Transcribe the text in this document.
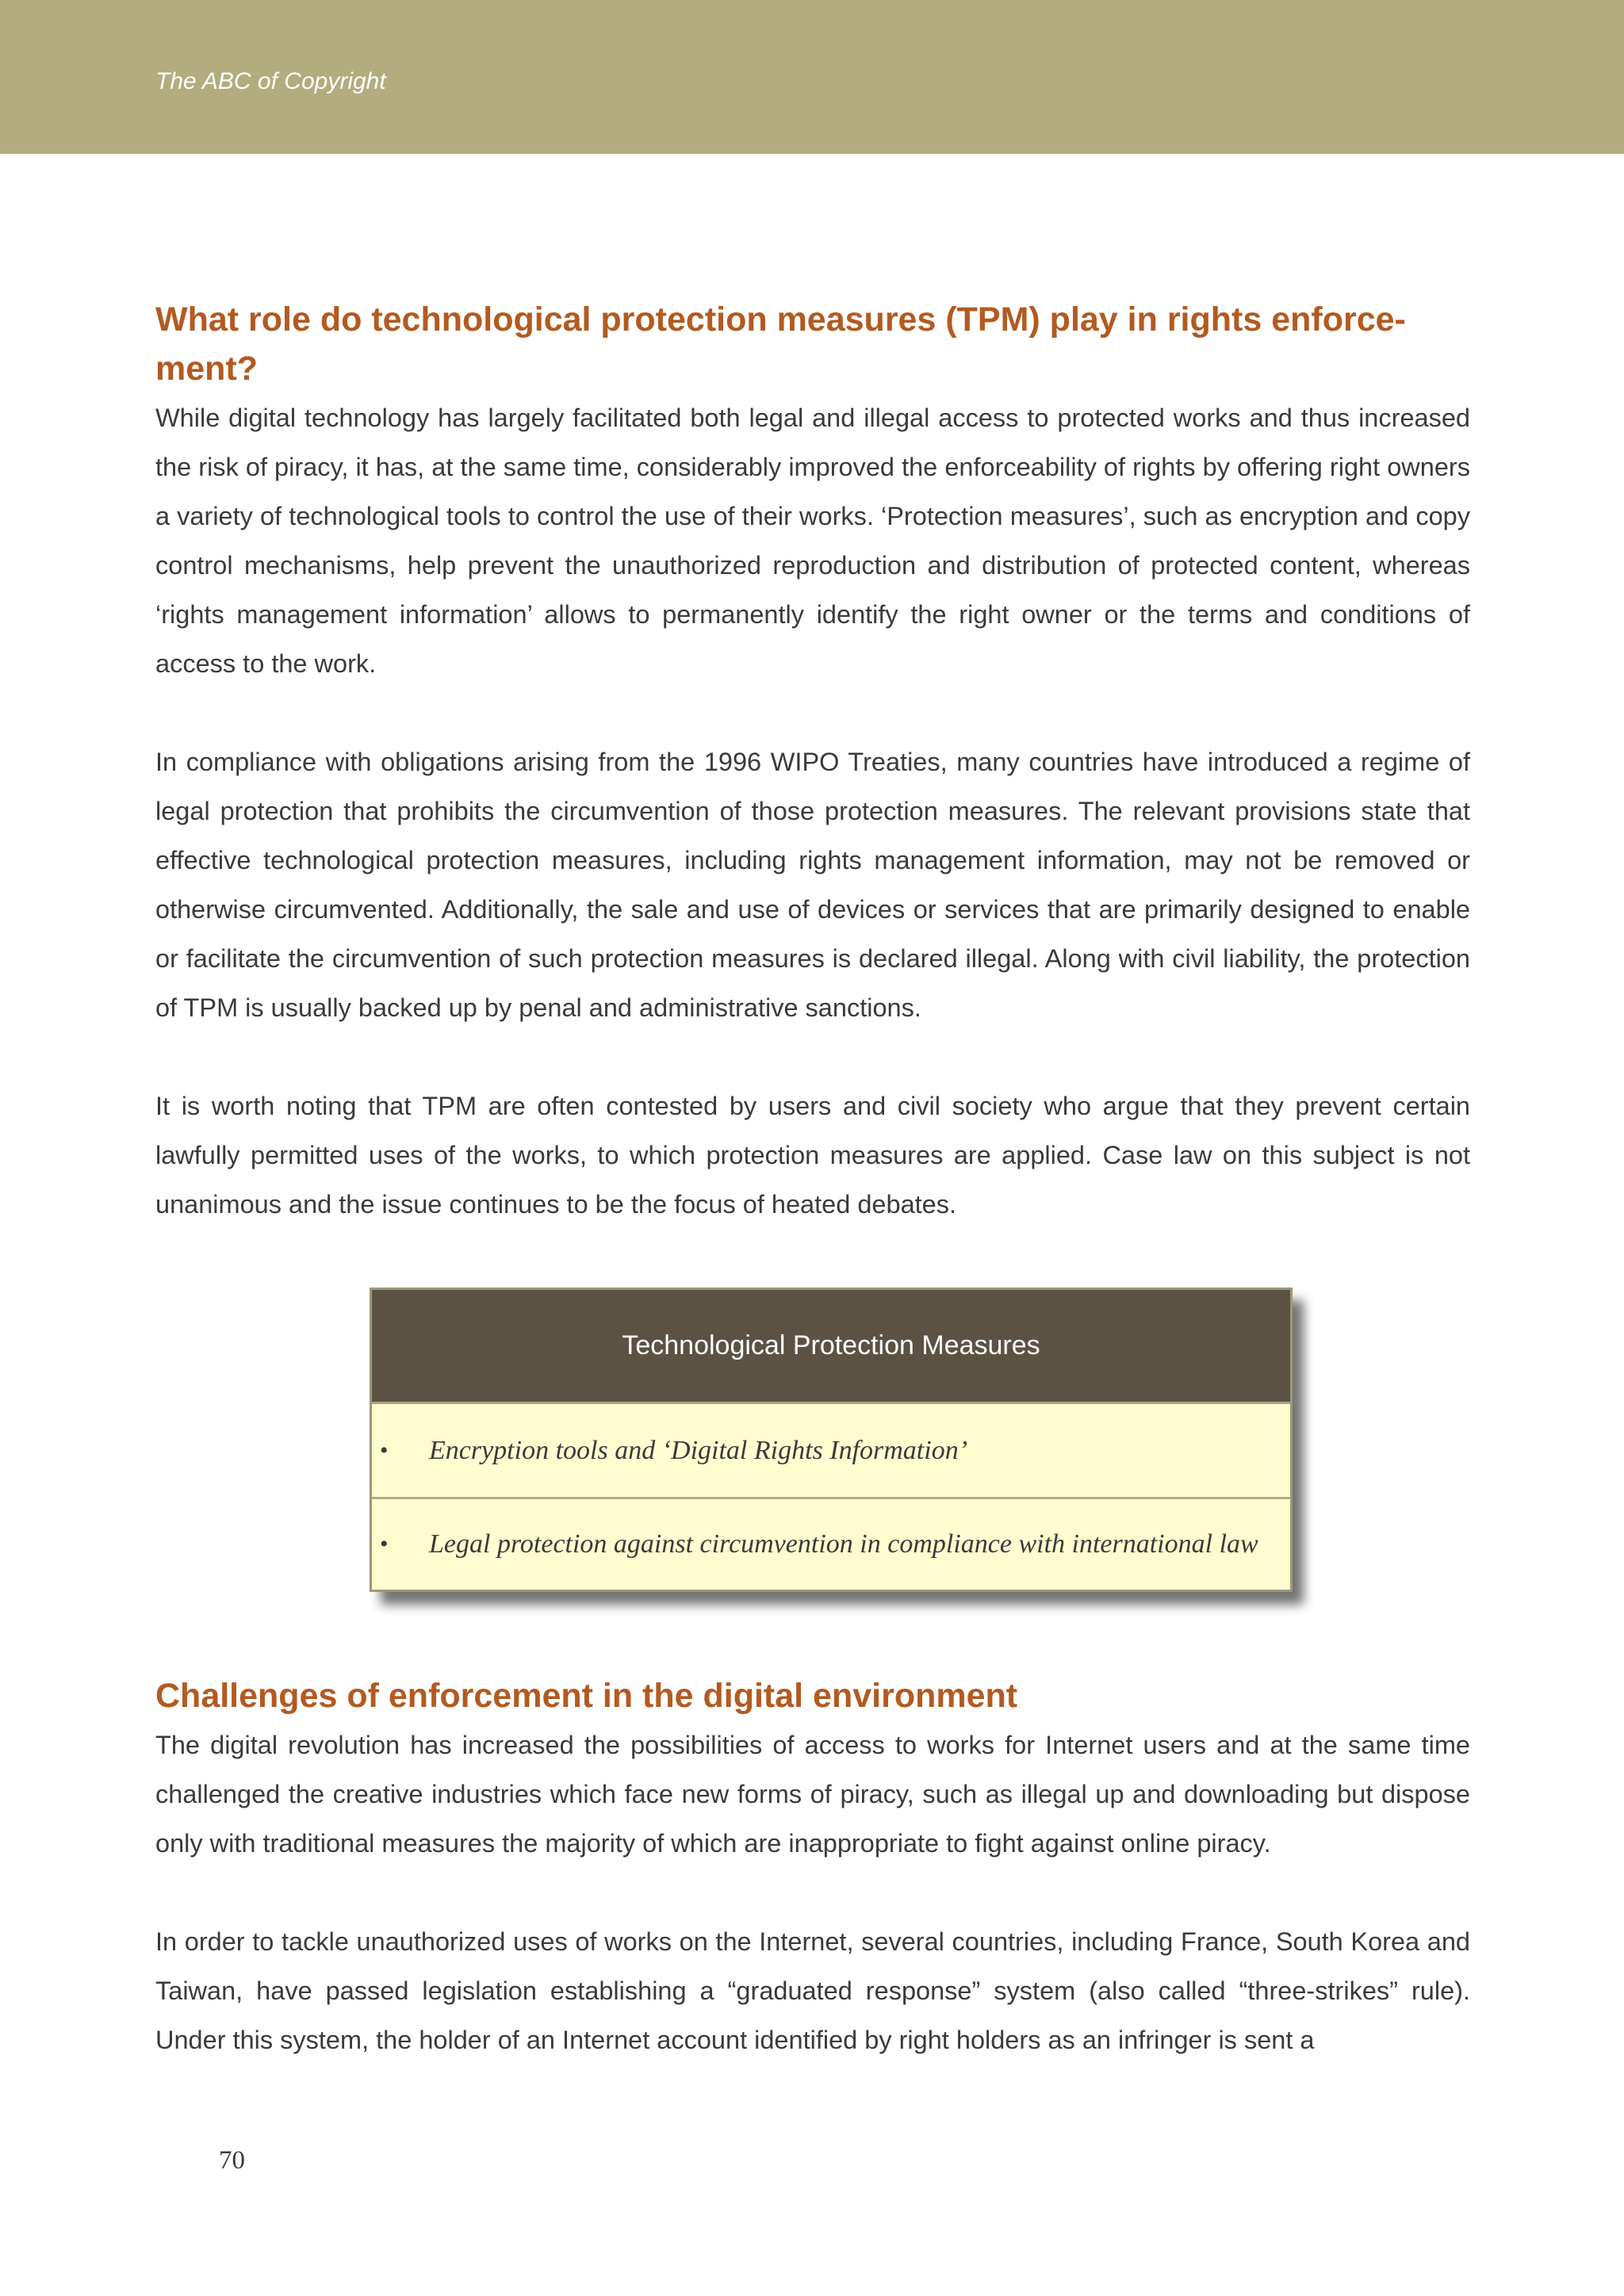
The ABC of Copyright
What role do technological protection measures (TPM) play in rights enforce-
ment?

While digital technology has largely facilitated both legal and illegal access to protected works and thus increased the risk of piracy, it has, at the same time, considerably improved the enforceability of rights by offering right owners a variety of technological tools to control the use of their works. ‘Protection measures’, such as encryption and copy control mechanisms, help prevent the unauthorized reproduction and distribution of protected content, whereas ‘rights management information’ allows to permanently identify the right owner or the terms and conditions of access to the work.

In compliance with obligations arising from the 1996 WIPO Treaties, many countries have introduced a regime of legal protection that prohibits the circumvention of those protection measures. The relevant provisions state that effective technological protection measures, including rights management information, may not be removed or otherwise circumvented. Additionally, the sale and use of devices or services that are primarily designed to enable or facilitate the circumvention of such protection measures is declared illegal. Along with civil liability, the protection of TPM is usually backed up by penal and administrative sanctions.

It is worth noting that TPM are often contested by users and civil society who argue that they prevent certain lawfully permitted uses of the works, to which protection measures are applied. Case law on this subject is not unanimous and the issue continues to be the focus of heated debates.

Technological Protection Measures
•	Encryption tools and ‘Digital Rights Information’
•	Legal protection against circumvention in compliance with international law
Challenges of enforcement in the digital environment

The digital revolution has increased the possibilities of access to works for Internet users and at the same time challenged the creative industries which face new forms of piracy, such as illegal up and downloading but dispose only with traditional measures the majority of which are inappropriate to fight against online piracy.

In order to tackle unauthorized uses of works on the Internet, several countries, including France, South Korea and Taiwan, have passed legislation establishing a “graduated response” system (also called “three-strikes” rule). Under this system, the holder of an Internet account identified by right holders as an infringer is sent a

70
